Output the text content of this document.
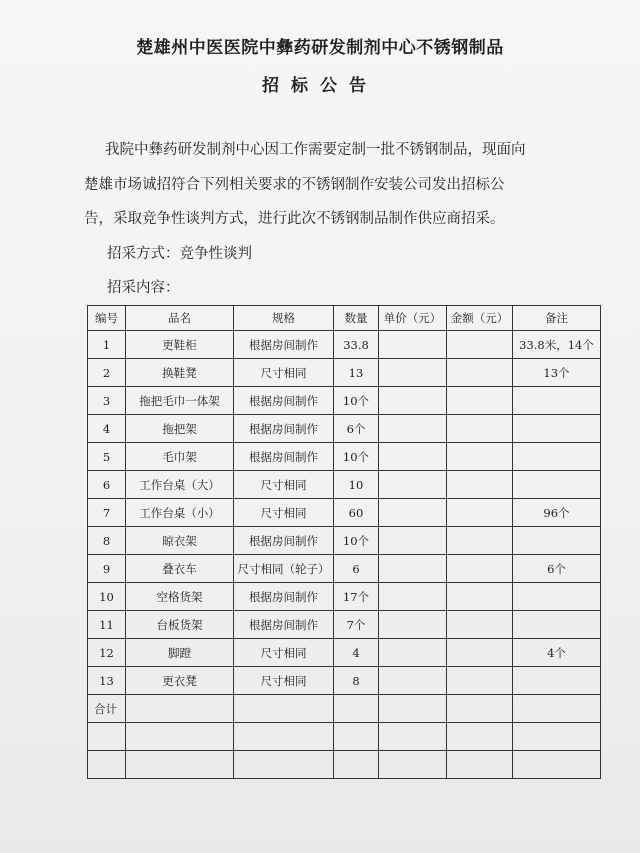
楚雄州中医医院中彝药研发制剂中心不锈钢制品
招标公告
我院中彝药研发制剂中心因工作需要定制一批不锈钢制品，现面向
楚雄市场诚招符合下列相关要求的不锈钢制作安装公司发出招标公
告，采取竞争性谈判方式，进行此次不锈钢制品制作供应商招采。
招采方式：竞争性谈判
招采内容：
编号	品名	规格	数量	单价（元）	金额（元）	备注
1	更鞋柜	根据房间制作	33.8			33.8米，14个
2	换鞋凳	尺寸相同	13			13个
3	拖把毛巾一体架	根据房间制作	10个			
4	拖把架	根据房间制作	6个			
5	毛巾架	根据房间制作	10个			
6	工作台桌（大）	尺寸相同	10			
7	工作台桌（小）	尺寸相同	60			96个
8	晾衣架	根据房间制作	10个			
9	叠衣车	尺寸相同（轮子）	6			6个
10	空格货架	根据房间制作	17个			
11	台板货架	根据房间制作	7个			
12	脚蹬	尺寸相同	4			4个
13	更衣凳	尺寸相同	8			
合计						
